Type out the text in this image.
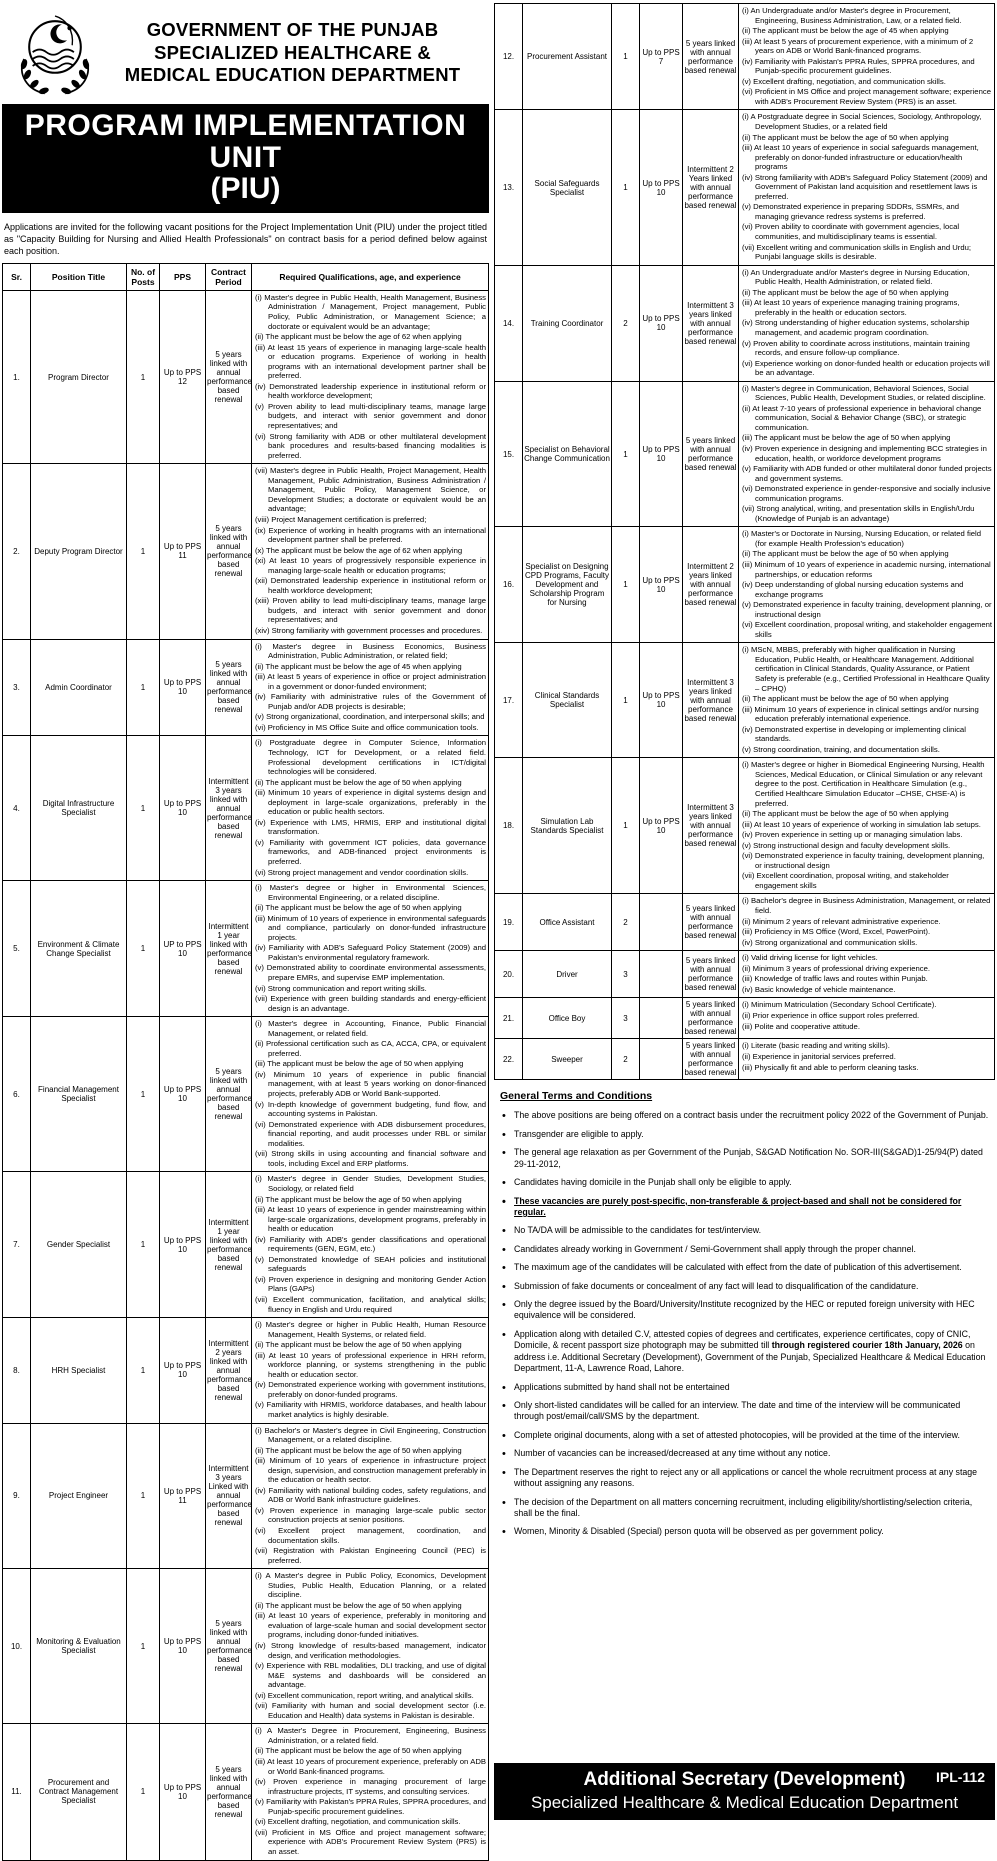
GOVERNMENT OF THE PUNJAB
SPECIALIZED HEALTHCARE &
MEDICAL EDUCATION DEPARTMENT
PROGRAM IMPLEMENTATION UNIT
(PIU)

Applications are invited for the following vacant positions for the Project Implementation Unit (PIU) under the project titled as "Capacity Building for Nursing and Allied Health Professionals" on contract basis for a period defined below against each position.

Sr.	Position Title	No. of Posts	PPS	Contract Period	Required Qualifications, age, and experience
1.	Program Director	1	Up to PPS 12	5 years linked with annual performance based renewal	
(i) Master's degree in Public Health, Health Management, Business Administration / Management, Project management, Public Policy, Public Administration, or Management Science; a doctorate or equivalent would be an advantage;
(ii) The applicant must be below the age of 62 when applying
(iii) At least 15 years of experience in managing large-scale health or education programs. Experience of working in health programs with an international development partner shall be preferred.
(iv) Demonstrated leadership experience in institutional reform or health workforce development;
(v) Proven ability to lead multi-disciplinary teams, manage large budgets, and interact with senior government and donor representatives; and
(vi) Strong familiarity with ADB or other multilateral development bank procedures and results-based financing modalities is preferred.

2.	Deputy Program Director	1	Up to PPS 11	5 years linked with annual performance based renewal	
(vii) Master's degree in Public Health, Project Management, Health Management, Public Administration, Business Administration / Management, Public Policy, Management Science, or Development Studies; a doctorate or equivalent would be an advantage;
(viii) Project Management certification is preferred;
(ix) Experience of working in health programs with an international development partner shall be preferred.
(x) The applicant must be below the age of 62 when applying
(xi) At least 10 years of progressively responsible experience in managing large-scale health or education programs;
(xii) Demonstrated leadership experience in institutional reform or health workforce development;
(xiii) Proven ability to lead multi-disciplinary teams, manage large budgets, and interact with senior government and donor representatives; and
(xiv) Strong familiarity with government processes and procedures.

3.	Admin Coordinator	1	Up to PPS 10	5 years linked with annual performance based renewal	
(i) Master's degree in Business Economics, Business Administration, Public Administration, or related field;
(ii) The applicant must be below the age of 45 when applying
(iii) At least 5 years of experience in office or project administration in a government or donor-funded environment;
(iv) Familiarity with administrative rules of the Government of Punjab and/or ADB projects is desirable;
(v) Strong organizational, coordination, and interpersonal skills; and
(vi) Proficiency in MS Office Suite and office communication tools.

4.	Digital Infrastructure Specialist	1	Up to PPS 10	Intermittent 3 years linked with annual performance based renewal	
(i) Postgraduate degree in Computer Science, Information Technology, ICT for Development, or a related field. Professional development certifications in ICT/digital technologies will be considered.
(ii) The applicant must be below the age of 50 when applying
(iii) Minimum 10 years of experience in digital systems design and deployment in large-scale organizations, preferably in the education or public health sectors.
(iv) Experience with LMS, HRMIS, ERP and institutional digital transformation.
(v) Familiarity with government ICT policies, data governance frameworks, and ADB-financed project environments is preferred.
(vi) Strong project management and vendor coordination skills.

5.	Environment & Climate Change Specialist	1	UP to PPS 10	Intermittent 1 year linked with performance based renewal	
(i) Master's degree or higher in Environmental Sciences, Environmental Engineering, or a related discipline.
(ii) The applicant must be below the age of 50 when applying
(iii) Minimum of 10 years of experience in environmental safeguards and compliance, particularly on donor-funded infrastructure projects.
(iv) Familiarity with ADB's Safeguard Policy Statement (2009) and Pakistan's environmental regulatory framework.
(v) Demonstrated ability to coordinate environmental assessments, prepare EMRs, and supervise EMP implementation.
(vi) Strong communication and report writing skills.
(vii) Experience with green building standards and energy-efficient design is an advantage.

6.	Financial Management Specialist	1	Up to PPS 10	5 years linked with annual performance based renewal	
(i) Master's degree in Accounting, Finance, Public Financial Management, or related field.
(ii) Professional certification such as CA, ACCA, CPA, or equivalent preferred.
(iii) The applicant must be below the age of 50 when applying
(iv) Minimum 10 years of experience in public financial management, with at least 5 years working on donor-financed projects, preferably ADB or World Bank-supported.
(v) In-depth knowledge of government budgeting, fund flow, and accounting systems in Pakistan.
(vi) Demonstrated experience with ADB disbursement procedures, financial reporting, and audit processes under RBL or similar modalities.
(vii) Strong skills in using accounting and financial software and tools, including Excel and ERP platforms.

7.	Gender Specialist	1	Up to PPS 10	Intermittent 1 year linked with performance based renewal	
(i) Master's degree in Gender Studies, Development Studies, Sociology, or related field
(ii) The applicant must be below the age of 50 when applying
(iii) At least 10 years of experience in gender mainstreaming within large-scale organizations, development programs, preferably in health or education
(iv) Familiarity with ADB's gender classifications and operational requirements (GEN, EGM, etc.)
(v) Demonstrated knowledge of SEAH policies and institutional safeguards
(vi) Proven experience in designing and monitoring Gender Action Plans (GAPs)
(vii) Excellent communication, facilitation, and analytical skills; fluency in English and Urdu required

8.	HRH Specialist	1	Up to PPS 10	Intermittent 2 years linked with annual performance based renewal	(i) Master's degree or higher in Public Health, Human Resource Management, Health Systems, or related field.
(ii) The applicant must be below the age of 50 when applying
(iii) At least 10 years of professional experience in HRH reform, workforce planning, or systems strengthening in the public health or education sector.
(iv) Demonstrated experience working with government institutions, preferably on donor-funded programs.
(v) Familiarity with HRMIS, workforce databases, and health labour market analytics is highly desirable.

9.	Project Engineer	1	Up to PPS 11	Intermittent 3 years Linked with annual performance based renewal	
(i) Bachelor's or Master's degree in Civil Engineering, Construction Management, or a related discipline.
(ii) The applicant must be below the age of 50 when applying
(iii) Minimum of 10 years of experience in infrastructure project design, supervision, and construction management preferably in the education or health sector.
(iv) Familiarity with national building codes, safety regulations, and ADB or World Bank infrastructure guidelines.
(v) Proven experience in managing large-scale public sector construction projects at senior positions.
(vi) Excellent project management, coordination, and documentation skills.
(vii) Registration with Pakistan Engineering Council (PEC) is preferred.

10.	Monitoring & Evaluation Specialist	1	Up to PPS 10	5 years linked with annual performance based renewal	
(i) A Master's degree in Public Policy, Economics, Development Studies, Public Health, Education Planning, or a related discipline.
(ii) The applicant must be below the age of 50 when applying
(iii) At least 10 years of experience, preferably in monitoring and evaluation of large-scale human and social development sector programs, including donor-funded initiatives.
(iv) Strong knowledge of results-based management, indicator design, and verification methodologies.
(v) Experience with RBL modalities, DLI tracking, and use of digital M&E systems and dashboards will be considered an advantage.
(vi) Excellent communication, report writing, and analytical skills.
(vii) Familiarity with human and social development sector (i.e. Education and Health) data systems in Pakistan is desirable.

11.	Procurement and Contract Management Specialist	1	Up to PPS 10	5 years linked with annual performance based renewal	
(i) A Master's Degree in Procurement, Engineering, Business Administration, or a related field.
(ii) The applicant must be below the age of 50 when applying
(iii) At least 10 years of procurement experience, preferably on ADB or World Bank-financed programs.
(iv) Proven experience in managing procurement of large infrastructure projects, IT systems, and consulting services.
(v) Familiarity with Pakistan's PPRA Rules, SPPRA procedures, and Punjab-specific procurement guidelines.
(vi) Excellent drafting, negotiation, and communication skills.
(vii) Proficient in MS Office and project management software; experience with ADB's Procurement Review System (PRS) is an asset.
12.	Procurement Assistant	1	Up to PPS 7	5 years linked with annual performance based renewal	
(i) An Undergraduate and/or Master's degree in Procurement, Engineering, Business Administration, Law, or a related field.
(ii) The applicant must be below the age of 45 when applying
(iii) At least 5 years of procurement experience, with a minimum of 2 years on ADB or World Bank-financed programs.
(iv) Familiarity with Pakistan's PPRA Rules, SPPRA procedures, and Punjab-specific procurement guidelines.
(v) Excellent drafting, negotiation, and communication skills.
(vi) Proficient in MS Office and project management software; experience with ADB's Procurement Review System (PRS) is an asset.

13.	Social Safeguards Specialist	1	Up to PPS 10	Intermittent 2 Years linked with annual performance based renewal	
(i) A Postgraduate degree in Social Sciences, Sociology, Anthropology, Development Studies, or a related field
(ii) The applicant must be below the age of 50 when applying
(iii) At least 10 years of experience in social safeguards management, preferably on donor-funded infrastructure or education/health programs
(iv) Strong familiarity with ADB's Safeguard Policy Statement (2009) and Government of Pakistan land acquisition and resettlement laws is preferred.
(v) Demonstrated experience in preparing SDDRs, SSMRs, and managing grievance redress systems is preferred.
(vi) Proven ability to coordinate with government agencies, local communities, and multidisciplinary teams is essential.
(vii) Excellent writing and communication skills in English and Urdu; Punjabi language skills is desirable.

14.	Training Coordinator	2	Up to PPS 10	Intermittent 3 years linked with annual performance based renewal	
(i) An Undergraduate and/or Master's degree in Nursing Education, Public Health, Health Administration, or related field.
(ii) The applicant must be below the age of 50 when applying
(iii) At least 10 years of experience managing training programs, preferably in the health or education sectors.
(iv) Strong understanding of higher education systems, scholarship management, and academic program coordination.
(v) Proven ability to coordinate across institutions, maintain training records, and ensure follow-up compliance.
(vi) Experience working on donor-funded health or education projects will be an advantage.

15.	Specialist on Behavioral Change Communication	1	Up to PPS 10	5 years linked with annual performance based renewal	
(i) Master's degree in Communication, Behavioral Sciences, Social Sciences, Public Health, Development Studies, or related discipline.
(ii) At least 7-10 years of professional experience in behavioral change communication, Social & Behavior Change (SBC), or strategic communication.
(iii) The applicant must be below the age of 50 when applying
(iv) Proven experience in designing and implementing BCC strategies in education, health, or workforce development programs
(v) Familiarity with ADB funded or other multilateral donor funded projects and government systems.
(vi) Demonstrated experience in gender-responsive and socially inclusive communication programs.
(vii) Strong analytical, writing, and presentation skills in English/Urdu (Knowledge of Punjab is an advantage)

16.	Specialist on Designing CPD Programs, Faculty Development and Scholarship Program for Nursing	1	Up to PPS 10	Intermittent 2 years linked with annual performance based renewal	
(i) Master's or Doctorate in Nursing, Nursing Education, or related field (for example Health Profession's education)
(ii) The applicant must be below the age of 50 when applying
(iii) Minimum of 10 years of experience in academic nursing, international partnerships, or education reforms
(iv) Deep understanding of global nursing education systems and exchange programs
(v) Demonstrated experience in faculty training, development planning, or instructional design
(vi) Excellent coordination, proposal writing, and stakeholder engagement skills

17.	Clinical Standards Specialist	1	Up to PPS 10	Intermittent 3 years linked with annual performance based renewal	(i) MScN, MBBS, preferably with higher qualification in Nursing Education, Public Health, or Healthcare Management. Additional certification in Clinical Standards, Quality Assurance, or Patient Safety is preferable (e.g., Certified Professional in Healthcare Quality – CPHQ)
(ii) The applicant must be below the age of 50 when applying
(iii) Minimum 10 years of experience in clinical settings and/or nursing education preferably international experience.
(iv) Demonstrated expertise in developing or implementing clinical standards.
(v) Strong coordination, training, and documentation skills.

18.	Simulation Lab Standards Specialist	1	Up to PPS 10	Intermittent 3 years linked with annual performance based renewal	
(i) Master's degree or higher in Biomedical Engineering Nursing, Health Sciences, Medical Education, or Clinical Simulation or any relevant degree to the post. Certification in Healthcare Simulation (e.g., Certified Healthcare Simulation Educator –CHSE, CHSE-A) is preferred.
(ii) The applicant must be below the age of 50 when applying
(iii) At least 10 years of experience of working in simulation lab setups.
(iv) Proven experience in setting up or managing simulation labs.
(v) Strong instructional design and faculty development skills.
(vi) Demonstrated experience in faculty training, development planning, or instructional design
(vii) Excellent coordination, proposal writing, and stakeholder engagement skills

19.	Office Assistant	2		5 years linked with annual performance based renewal	(i) Bachelor's degree in Business Administration, Management, or related field.
(ii) Minimum 2 years of relevant administrative experience.
(iii) Proficiency in MS Office (Word, Excel, PowerPoint).
(iv) Strong organizational and communication skills.

20.	Driver	3		5 years linked with annual performance based renewal	(i) Valid driving license for light vehicles.
(ii) Minimum 3 years of professional driving experience.
(iii) Knowledge of traffic laws and routes within Punjab.
(iv) Basic knowledge of vehicle maintenance.

21.	Office Boy	3		5 years linked with annual performance based renewal	(i) Minimum Matriculation (Secondary School Certificate).
(ii) Prior experience in office support roles preferred.
(iii) Polite and cooperative attitude.

22.	Sweeper	2		5 years linked with annual performance based renewal	(i) Literate (basic reading and writing skills).
(ii) Experience in janitorial services preferred.
(iii) Physically fit and able to perform cleaning tasks.
General Terms and Conditions
• The above positions are being offered on a contract basis under the recruitment policy 2022 of the Government of Punjab.
• Transgender are eligible to apply.
• The general age relaxation as per Government of the Punjab, S&GAD Notification No. SOR-III(S&GAD)1-25/94(P) dated 29-11-2012,
• Candidates having domicile in the Punjab shall only be eligible to apply.
• These vacancies are purely post-specific, non-transferable & project-based and shall not be considered for regular.
• No TA/DA will be admissible to the candidates for test/interview.
• Candidates already working in Government / Semi-Government shall apply through the proper channel.
• The maximum age of the candidates will be calculated with effect from the date of publication of this advertisement.
• Submission of fake documents or concealment of any fact will lead to disqualification of the candidature.
• Only the degree issued by the Board/University/Institute recognized by the HEC or reputed foreign university with HEC equivalence will be considered.
• Application along with detailed C.V, attested copies of degrees and certificates, experience certificates, copy of CNIC, Domicile, & recent passport size photograph may be submitted till through registered courier 18th January, 2026 on address i.e. Additional Secretary (Development), Government of the Punjab, Specialized Healthcare & Medical Education Department, 11-A, Lawrence Road, Lahore.
• Applications submitted by hand shall not be entertained
• Only short-listed candidates will be called for an interview. The date and time of the interview will be communicated through post/email/call/SMS by the department.
• Complete original documents, along with a set of attested photocopies, will be provided at the time of the interview.
• Number of vacancies can be increased/decreased at any time without any notice.
• The Department reserves the right to reject any or all applications or cancel the whole recruitment process at any stage without assigning any reasons.
• The decision of the Department on all matters concerning recruitment, including eligibility/shortlisting/selection criteria, shall be the final.
• Women, Minority & Disabled (Special) person quota will be observed as per government policy.
IPL-112
Additional Secretary (Development)
Specialized Healthcare & Medical Education Department
